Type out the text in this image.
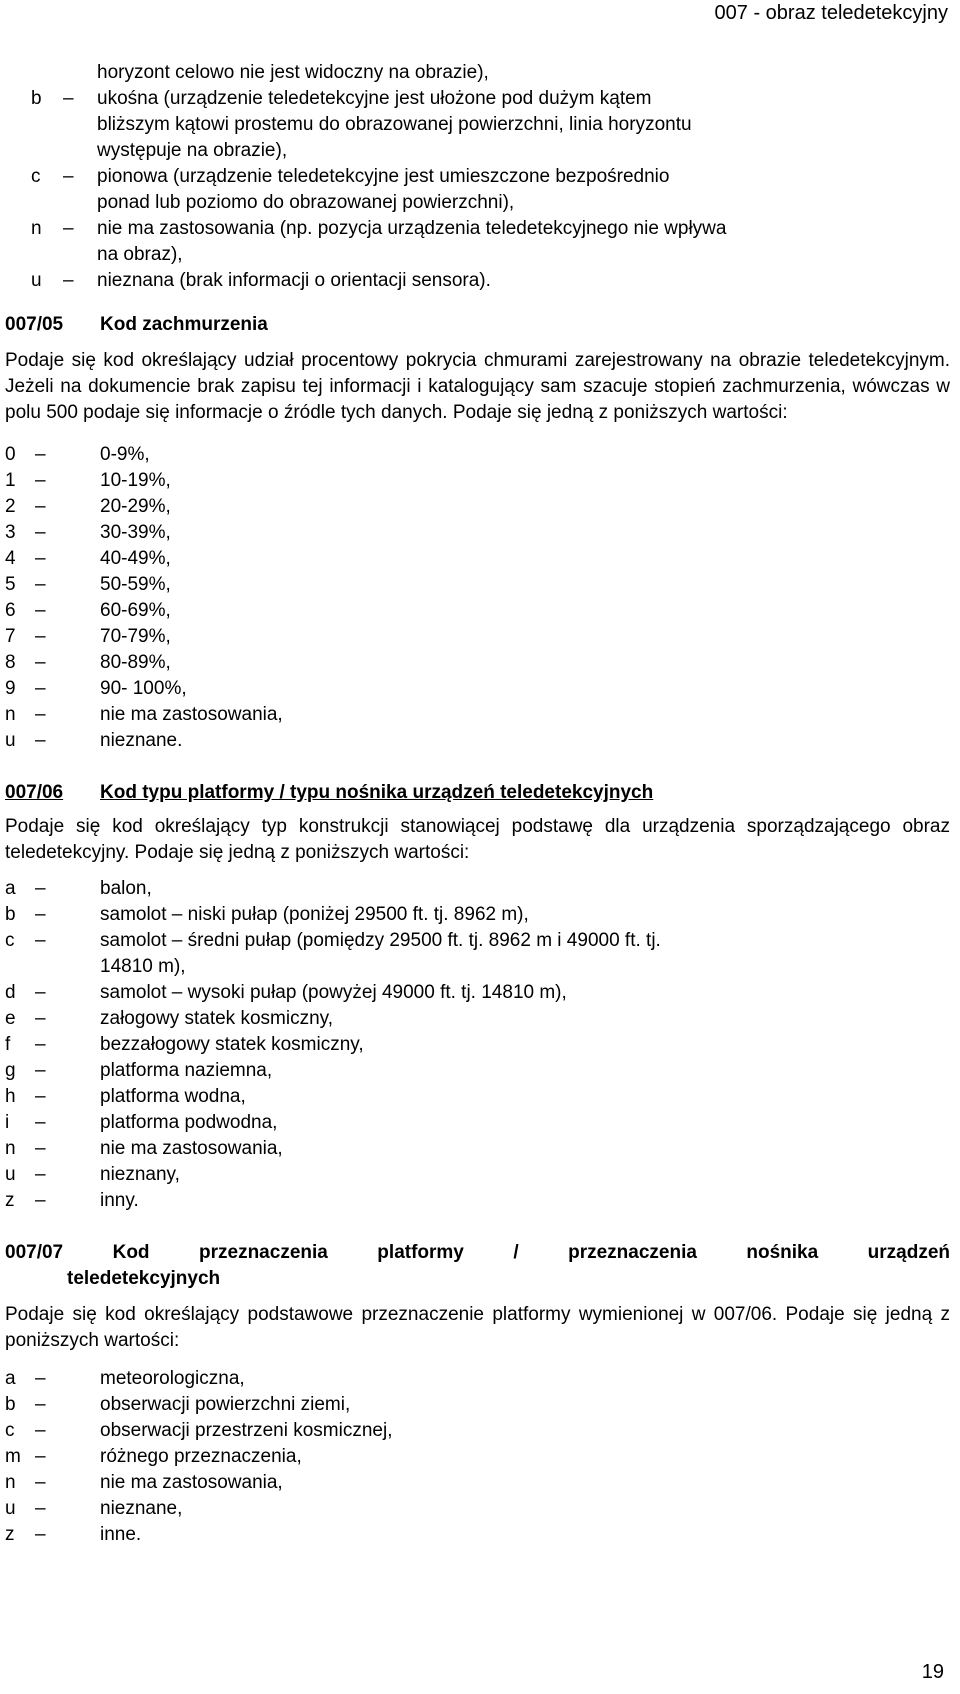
007 - obraz teledetekcyjny
horyzont celowo nie jest widoczny na obrazie),
b – ukośna (urządzenie teledetekcyjne jest ułożone pod dużym kątem
bliższym kątowi prostemu do obrazowanej powierzchni, linia horyzontu
występuje na obrazie),
c – pionowa (urządzenie teledetekcyjne jest umieszczone bezpośrednio
ponad lub poziomo do obrazowanej powierzchni),
n – nie ma zastosowania (np. pozycja urządzenia teledetekcyjnego nie wpływa
na obraz),
u – nieznana (brak informacji o orientacji sensora).
007/05 Kod zachmurzenia

Podaje się kod określający udział procentowy pokrycia chmurami zarejestrowany na obrazie teledetekcyjnym. Jeżeli na dokumencie brak zapisu tej informacji i katalogujący sam szacuje stopień zachmurzenia, wówczas w polu 500 podaje się informacje o źródle tych danych. Podaje się jedną z poniższych wartości:

0 –	0-9%,
1 –	10-19%,
2 –	20-29%,
3 –	30-39%,
4 –	40-49%,
5 –	50-59%,
6 –	60-69%,
7 –	70-79%,
8 –	80-89%,
9 –	90- 100%,
n –	nie ma zastosowania,
u –	nieznane.
007/06 Kod typu platformy / typu nośnika urządzeń teledetekcyjnych

Podaje się kod określający typ konstrukcji stanowiącej podstawę dla urządzenia sporządzającego obraz teledetekcyjny. Podaje się jedną z poniższych wartości:

a –	balon,
b –	samolot – niski pułap (poniżej 29500 ft. tj. 8962 m),
c –	samolot – średni pułap (pomiędzy 29500 ft. tj. 8962 m i 49000 ft. tj.
14810 m),
d –	samolot – wysoki pułap (powyżej 49000 ft. tj. 14810 m),
e –	załogowy statek kosmiczny,
f –	bezzałogowy statek kosmiczny,
g –	platforma naziemna,
h –	platforma wodna,
i –	platforma podwodna,
n –	nie ma zastosowania,
u –	nieznany,
z –	inny.
007/07	Kod przeznaczenia platformy / przeznaczenia nośnika urządzeń
teledetekcyjnych

Podaje się kod określający podstawowe przeznaczenie platformy wymienionej w 007/06. Podaje się jedną z poniższych wartości:

a –	meteorologiczna,
b –	obserwacji powierzchni ziemi,
c –	obserwacji przestrzeni kosmicznej,
m –	różnego przeznaczenia,
n –	nie ma zastosowania,
u –	nieznane,
z –	inne.
19
